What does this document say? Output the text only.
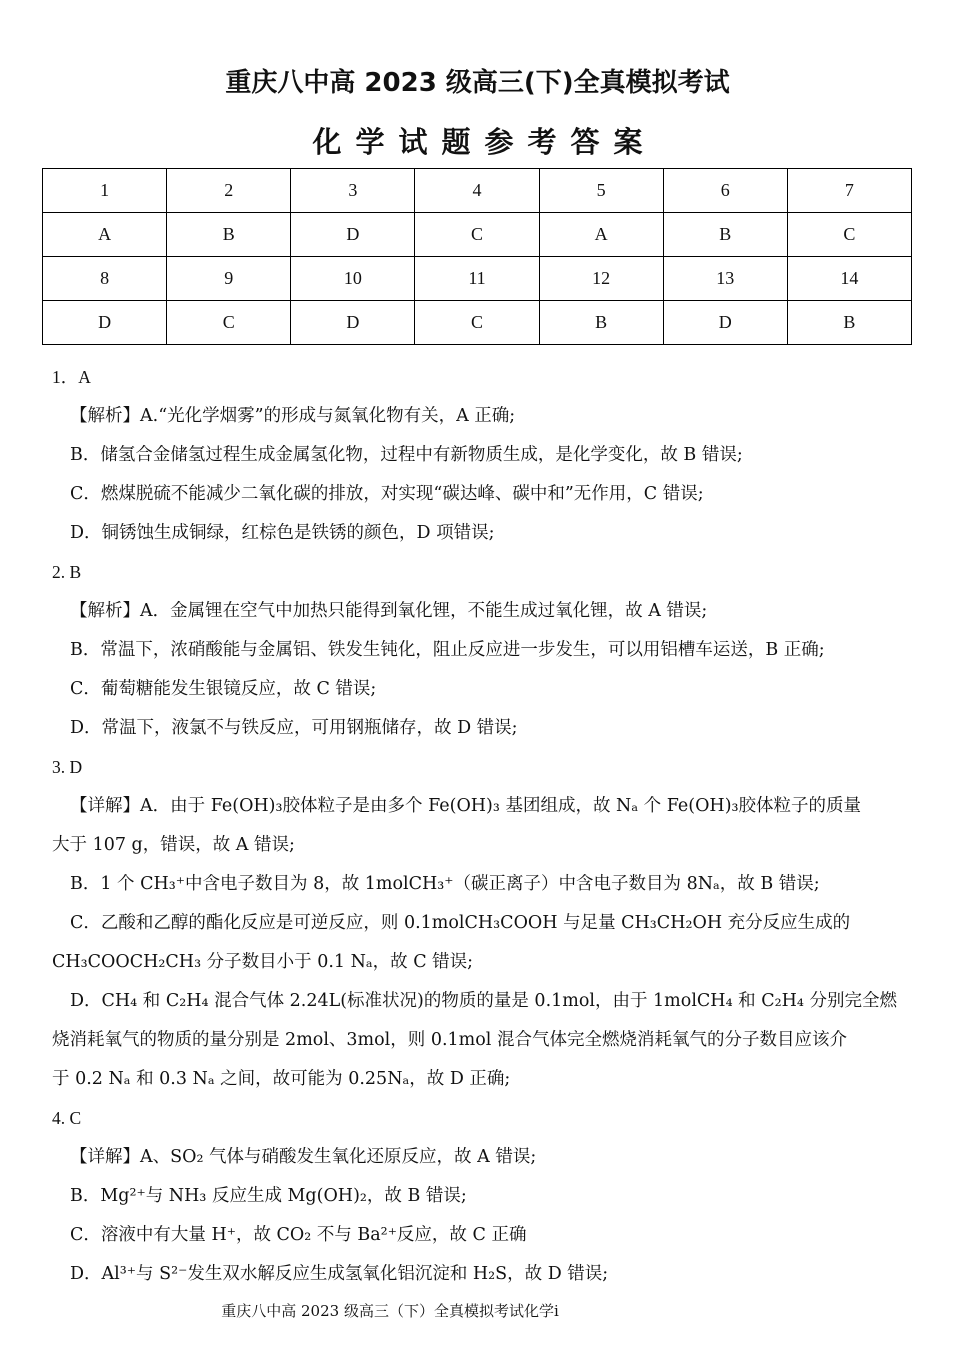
重庆八中高 2023 级高三(下)全真模拟考试
化学试题参考答案
1	2	3	4	5	6	7
A	B	D	C	A	B	C
8	9	10	11	12	13	14
D	C	D	C	B	D	B
1．A
【解析】A.“光化学烟雾”的形成与氮氧化物有关，A 正确;
B．储氢合金储氢过程生成金属氢化物，过程中有新物质生成，是化学变化，故 B 错误;
C．燃煤脱硫不能减少二氧化碳的排放，对实现“碳达峰、碳中和”无作用，C 错误;
D．铜锈蚀生成铜绿，红棕色是铁锈的颜色，D 项错误;
2. B
【解析】A．金属锂在空气中加热只能得到氧化锂，不能生成过氧化锂，故 A 错误;
B．常温下，浓硝酸能与金属铝、铁发生钝化，阻止反应进一步发生，可以用铝槽车运送，B 正确;
C．葡萄糖能发生银镜反应，故 C 错误;
D．常温下，液氯不与铁反应，可用钢瓶储存，故 D 错误;
3. D
【详解】A．由于 Fe(OH)₃胶体粒子是由多个 Fe(OH)₃ 基团组成，故 Nₐ 个 Fe(OH)₃胶体粒子的质量
大于 107 g，错误，故 A 错误;
B．1 个 CH₃⁺中含电子数目为 8，故 1molCH₃⁺（碳正离子）中含电子数目为 8Nₐ，故 B 错误;
C．乙酸和乙醇的酯化反应是可逆反应，则 0.1molCH₃COOH 与足量 CH₃CH₂OH 充分反应生成的
CH₃COOCH₂CH₃ 分子数目小于 0.1 Nₐ，故 C 错误;
D．CH₄ 和 C₂H₄ 混合气体 2.24L(标准状况)的物质的量是 0.1mol，由于 1molCH₄ 和 C₂H₄ 分别完全燃
烧消耗氧气的物质的量分别是 2mol、3mol，则 0.1mol 混合气体完全燃烧消耗氧气的分子数目应该介
于 0.2 Nₐ 和 0.3 Nₐ 之间，故可能为 0.25Nₐ，故 D 正确;
4. C
【详解】A、SO₂ 气体与硝酸发生氧化还原反应，故 A 错误;
B．Mg²⁺与 NH₃ 反应生成 Mg(OH)₂，故 B 错误;
C．溶液中有大量 H⁺，故 CO₂ 不与 Ba²⁺反应，故 C 正确
D．Al³⁺与 S²⁻发生双水解反应生成氢氧化铝沉淀和 H₂S，故 D 错误;
重庆八中高 2023 级高三（下）全真模拟考试化学i
